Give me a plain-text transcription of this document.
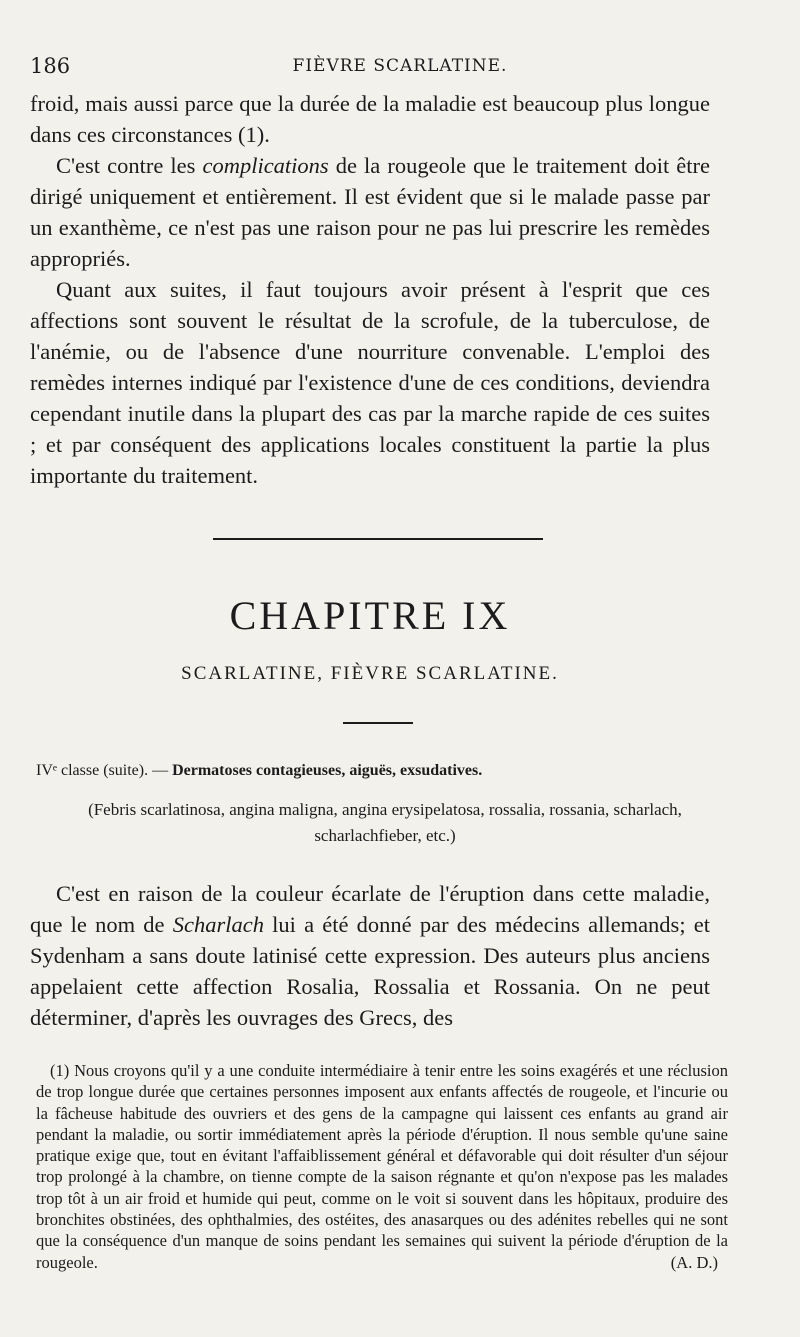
186	FIÈVRE SCARLATINE.

froid, mais aussi parce que la durée de la maladie est beaucoup plus longue dans ces circonstances (1).

C'est contre les complications de la rougeole que le traitement doit être dirigé uniquement et entièrement. Il est évident que si le malade passe par un exanthème, ce n'est pas une raison pour ne pas lui prescrire les remèdes appropriés.

Quant aux suites, il faut toujours avoir présent à l'esprit que ces affections sont souvent le résultat de la scrofule, de la tuberculose, de l'anémie, ou de l'absence d'une nourriture convenable. L'emploi des remèdes internes indiqué par l'existence d'une de ces conditions, deviendra cependant inutile dans la plupart des cas par la marche rapide de ces suites ; et par conséquent des applications locales constituent la partie la plus importante du traitement.

CHAPITRE IX
SCARLATINE, FIÈVRE SCARLATINE.
IVᵉ classe (suite). — Dermatoses contagieuses, aiguës, exsudatives.
(Febris scarlatinosa, angina maligna, angina erysipelatosa, rossalia, rossania, scharlach, scharlachfieber, etc.)

C'est en raison de la couleur écarlate de l'éruption dans cette maladie, que le nom de Scharlach lui a été donné par des médecins allemands; et Sydenham a sans doute latinisé cette expression. Des auteurs plus anciens appelaient cette affection Rosalia, Rossalia et Rossania. On ne peut déterminer, d'après les ouvrages des Grecs, des

(1) Nous croyons qu'il y a une conduite intermédiaire à tenir entre les soins exagérés et une réclusion de trop longue durée que certaines personnes imposent aux enfants affectés de rougeole, et l'incurie ou la fâcheuse habitude des ouvriers et des gens de la campagne qui laissent ces enfants au grand air pendant la maladie, ou sortir immédiatement après la période d'éruption. Il nous semble qu'une saine pratique exige que, tout en évitant l'affaiblissement général et défavorable qui doit résulter d'un séjour trop prolongé à la chambre, on tienne compte de la saison régnante et qu'on n'expose pas les malades trop tôt à un air froid et humide qui peut, comme on le voit si souvent dans les hôpitaux, produire des bronchites obstinées, des ophthalmies, des ostéites, des anasarques ou des adénites rebelles qui ne sont que la conséquence d'un manque de soins pendant les semaines qui suivent la période d'éruption de la rougeole.	(A. D.)
